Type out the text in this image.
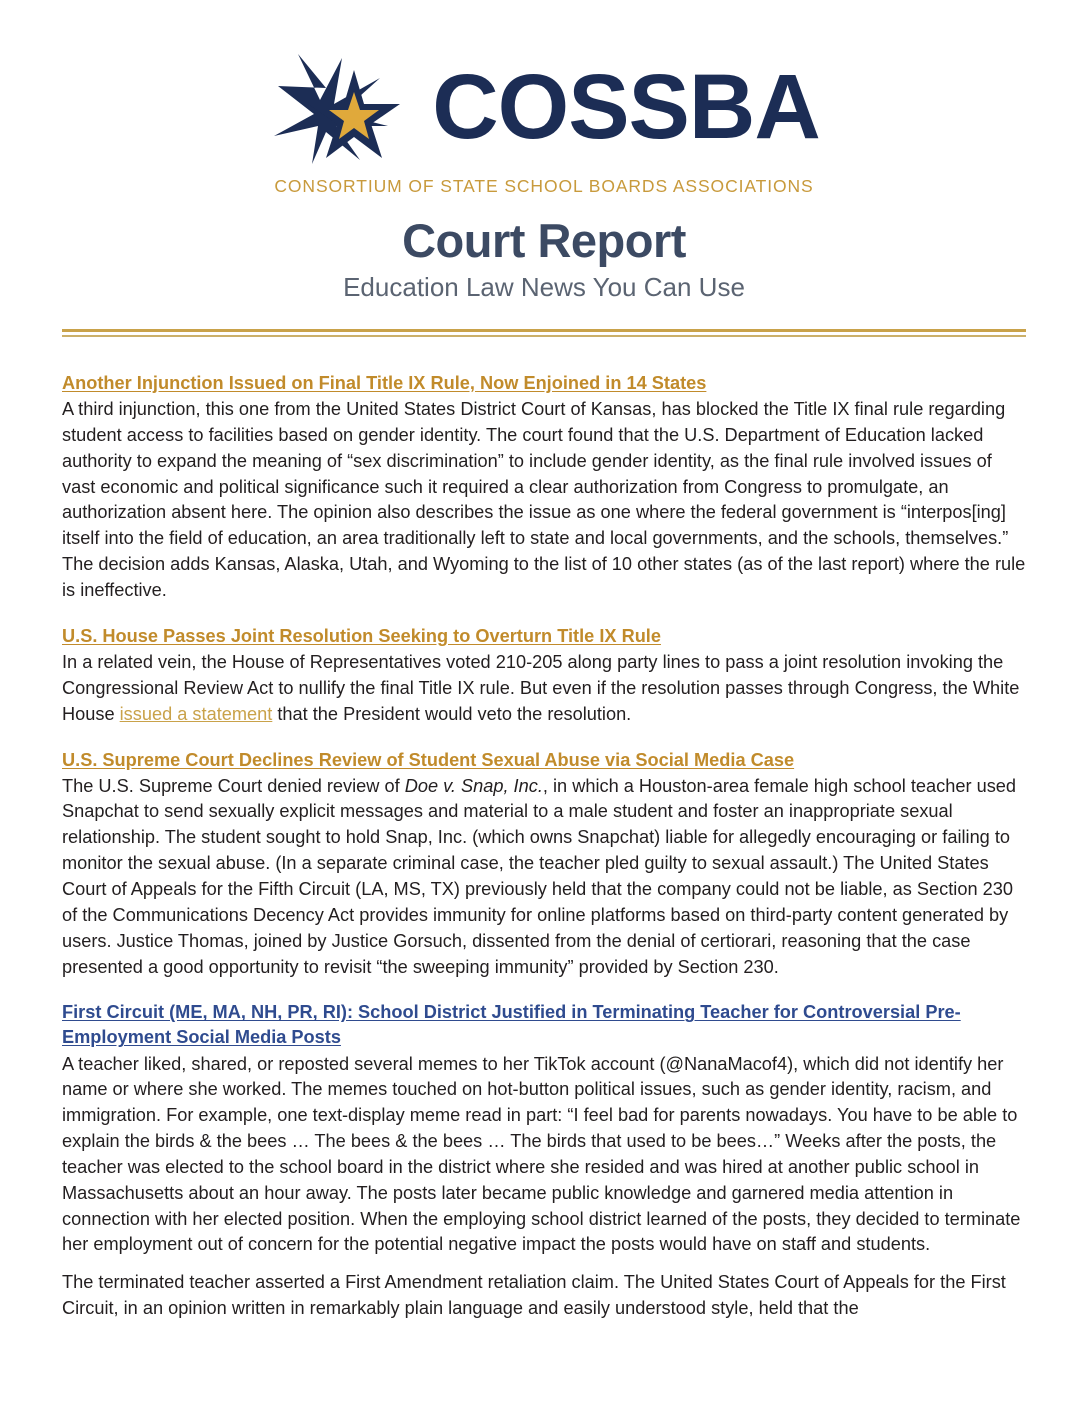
COSSBA
CONSORTIUM OF STATE SCHOOL BOARDS ASSOCIATIONS
Court Report
Education Law News You Can Use
Another Injunction Issued on Final Title IX Rule, Now Enjoined in 14 States

A third injunction, this one from the United States District Court of Kansas, has blocked the Title IX final rule regarding student access to facilities based on gender identity. The court found that the U.S. Department of Education lacked authority to expand the meaning of “sex discrimination” to include gender identity, as the final rule involved issues of vast economic and political significance such it required a clear authorization from Congress to promulgate, an authorization absent here. The opinion also describes the issue as one where the federal government is “interpos[ing] itself into the field of education, an area traditionally left to state and local governments, and the schools, themselves.” The decision adds Kansas, Alaska, Utah, and Wyoming to the list of 10 other states (as of the last report) where the rule is ineffective.

U.S. House Passes Joint Resolution Seeking to Overturn Title IX Rule

In a related vein, the House of Representatives voted 210-205 along party lines to pass a joint resolution invoking the Congressional Review Act to nullify the final Title IX rule. But even if the resolution passes through Congress, the White House issued a statement that the President would veto the resolution.

U.S. Supreme Court Declines Review of Student Sexual Abuse via Social Media Case

The U.S. Supreme Court denied review of Doe v. Snap, Inc., in which a Houston-area female high school teacher used Snapchat to send sexually explicit messages and material to a male student and foster an inappropriate sexual relationship. The student sought to hold Snap, Inc. (which owns Snapchat) liable for allegedly encouraging or failing to monitor the sexual abuse. (In a separate criminal case, the teacher pled guilty to sexual assault.) The United States Court of Appeals for the Fifth Circuit (LA, MS, TX) previously held that the company could not be liable, as Section 230 of the Communications Decency Act provides immunity for online platforms based on third-party content generated by users. Justice Thomas, joined by Justice Gorsuch, dissented from the denial of certiorari, reasoning that the case presented a good opportunity to revisit “the sweeping immunity” provided by Section 230.

First Circuit (ME, MA, NH, PR, RI): School District Justified in Terminating Teacher for Controversial Pre-Employment Social Media Posts

A teacher liked, shared, or reposted several memes to her TikTok account (@NanaMacof4), which did not identify her name or where she worked. The memes touched on hot-button political issues, such as gender identity, racism, and immigration. For example, one text-display meme read in part: “I feel bad for parents nowadays. You have to be able to explain the birds & the bees … The bees & the bees … The birds that used to be bees…” Weeks after the posts, the teacher was elected to the school board in the district where she resided and was hired at another public school in Massachusetts about an hour away. The posts later became public knowledge and garnered media attention in connection with her elected position. When the employing school district learned of the posts, they decided to terminate her employment out of concern for the potential negative impact the posts would have on staff and students.

The terminated teacher asserted a First Amendment retaliation claim. The United States Court of Appeals for the First Circuit, in an opinion written in remarkably plain language and easily understood style, held that the
